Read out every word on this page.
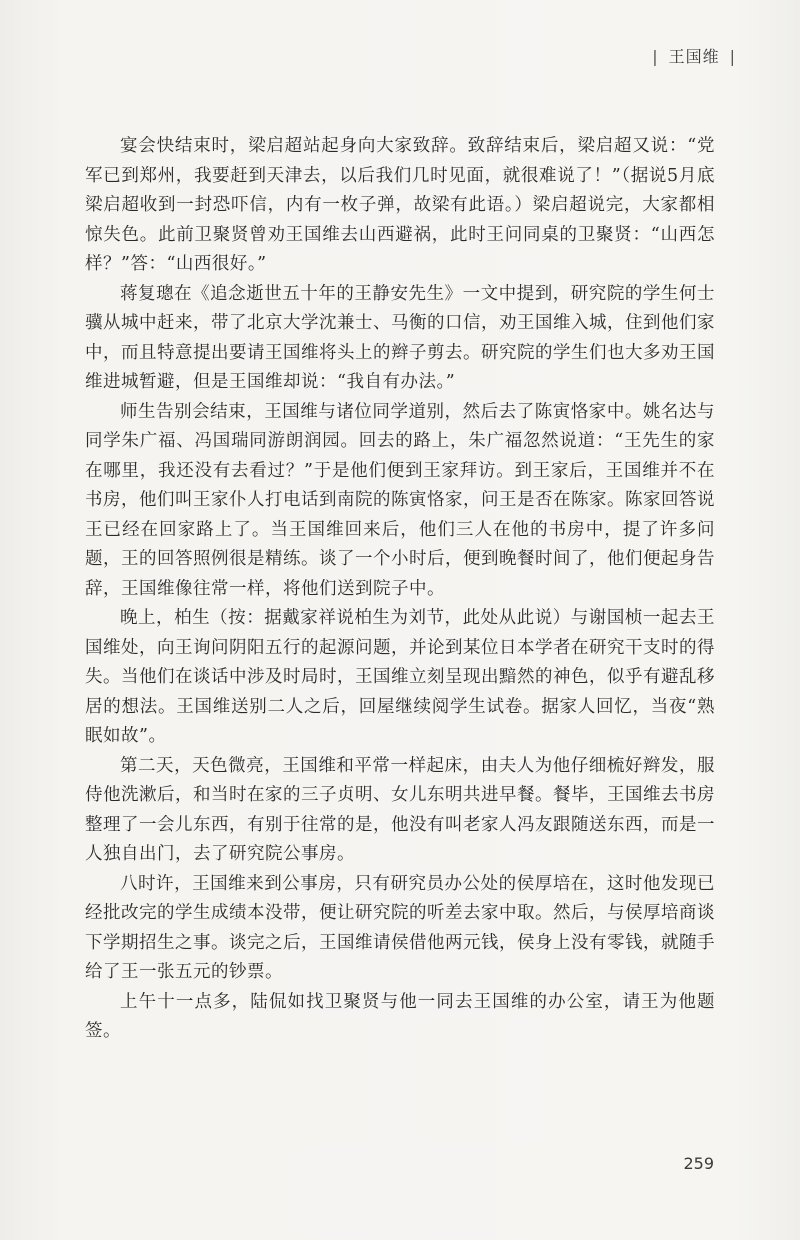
| 王国维 |

宴会快结束时，梁启超站起身向大家致辞。致辞结束后，梁启超又说：“党军已到郑州，我要赶到天津去，以后我们几时见面，就很难说了！”（据说5月底梁启超收到一封恐吓信，内有一枚子弹，故梁有此语。）梁启超说完，大家都相惊失色。此前卫聚贤曾劝王国维去山西避祸，此时王问同桌的卫聚贤：“山西怎样？”答：“山西很好。”

蒋复璁在《追念逝世五十年的王静安先生》一文中提到，研究院的学生何士骥从城中赶来，带了北京大学沈兼士、马衡的口信，劝王国维入城，住到他们家中，而且特意提出要请王国维将头上的辫子剪去。研究院的学生们也大多劝王国维进城暂避，但是王国维却说：“我自有办法。”

师生告别会结束，王国维与诸位同学道别，然后去了陈寅恪家中。姚名达与同学朱广福、冯国瑞同游朗润园。回去的路上，朱广福忽然说道：“王先生的家在哪里，我还没有去看过？”于是他们便到王家拜访。到王家后，王国维并不在书房，他们叫王家仆人打电话到南院的陈寅恪家，问王是否在陈家。陈家回答说王已经在回家路上了。当王国维回来后，他们三人在他的书房中，提了许多问题，王的回答照例很是精练。谈了一个小时后，便到晚餐时间了，他们便起身告辞，王国维像往常一样，将他们送到院子中。

晚上，柏生（按：据戴家祥说柏生为刘节，此处从此说）与谢国桢一起去王国维处，向王询问阴阳五行的起源问题，并论到某位日本学者在研究干支时的得失。当他们在谈话中涉及时局时，王国维立刻呈现出黯然的神色，似乎有避乱移居的想法。王国维送别二人之后，回屋继续阅学生试卷。据家人回忆，当夜“熟眠如故”。

第二天，天色微亮，王国维和平常一样起床，由夫人为他仔细梳好辫发，服侍他洗漱后，和当时在家的三子贞明、女儿东明共进早餐。餐毕，王国维去书房整理了一会儿东西，有别于往常的是，他没有叫老家人冯友跟随送东西，而是一人独自出门，去了研究院公事房。

八时许，王国维来到公事房，只有研究员办公处的侯厚培在，这时他发现已经批改完的学生成绩本没带，便让研究院的听差去家中取。然后，与侯厚培商谈下学期招生之事。谈完之后，王国维请侯借他两元钱，侯身上没有零钱，就随手给了王一张五元的钞票。

上午十一点多，陆侃如找卫聚贤与他一同去王国维的办公室，请王为他题签。

259
